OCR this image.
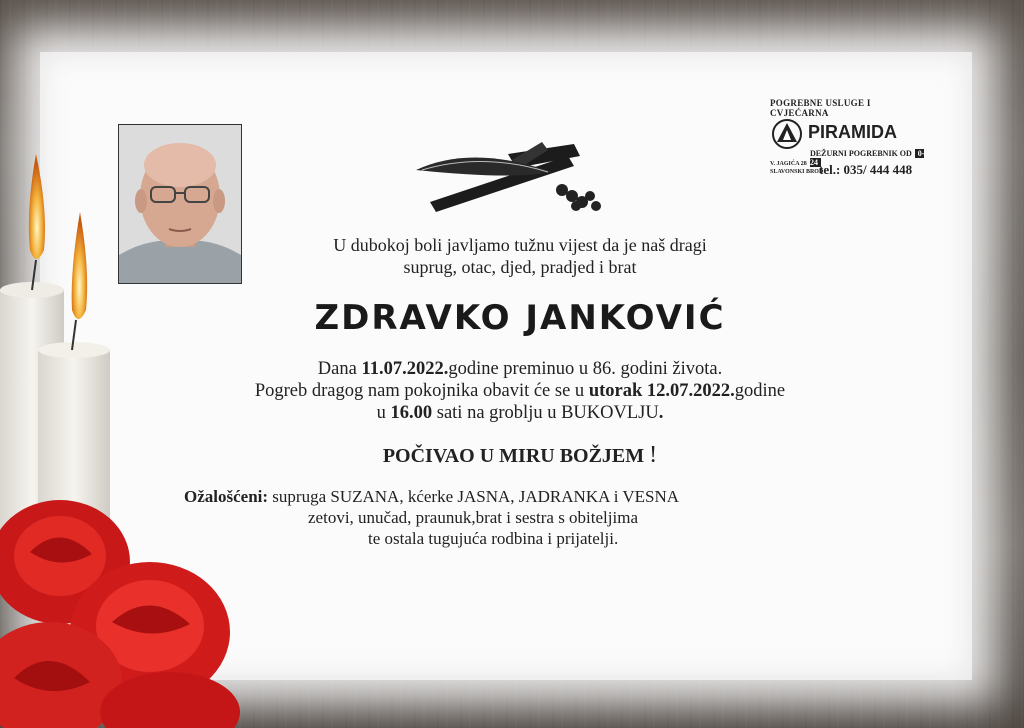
POGREBNE USLUGE I CVJEĆARNA
PIRAMIDA
DEŽURNI POGREBNIK OD 0-24
V. JAGIĆA 28
SLAVONSKI BROD
tel.: 035/ 444 448
U dubokoj boli javljamo tužnu vijest da je naš dragi
suprug, otac, djed, pradjed i brat
ZDRAVKO JANKOVIĆ
Dana 11.07.2022.godine preminuo u 86. godini života.
Pogreb dragog nam pokojnika obavit će se u utorak 12.07.2022.godine
u 16.00 sati na groblju u BUKOVLJU.
POČIVAO U MIRU BOŽJEM !
Ožalošćeni: supruga SUZANA, kćerke JASNA, JADRANKA i VESNA
zetovi, unučad, praunuk,brat i sestra s obiteljima
te ostala tugujuća rodbina i prijatelji.
